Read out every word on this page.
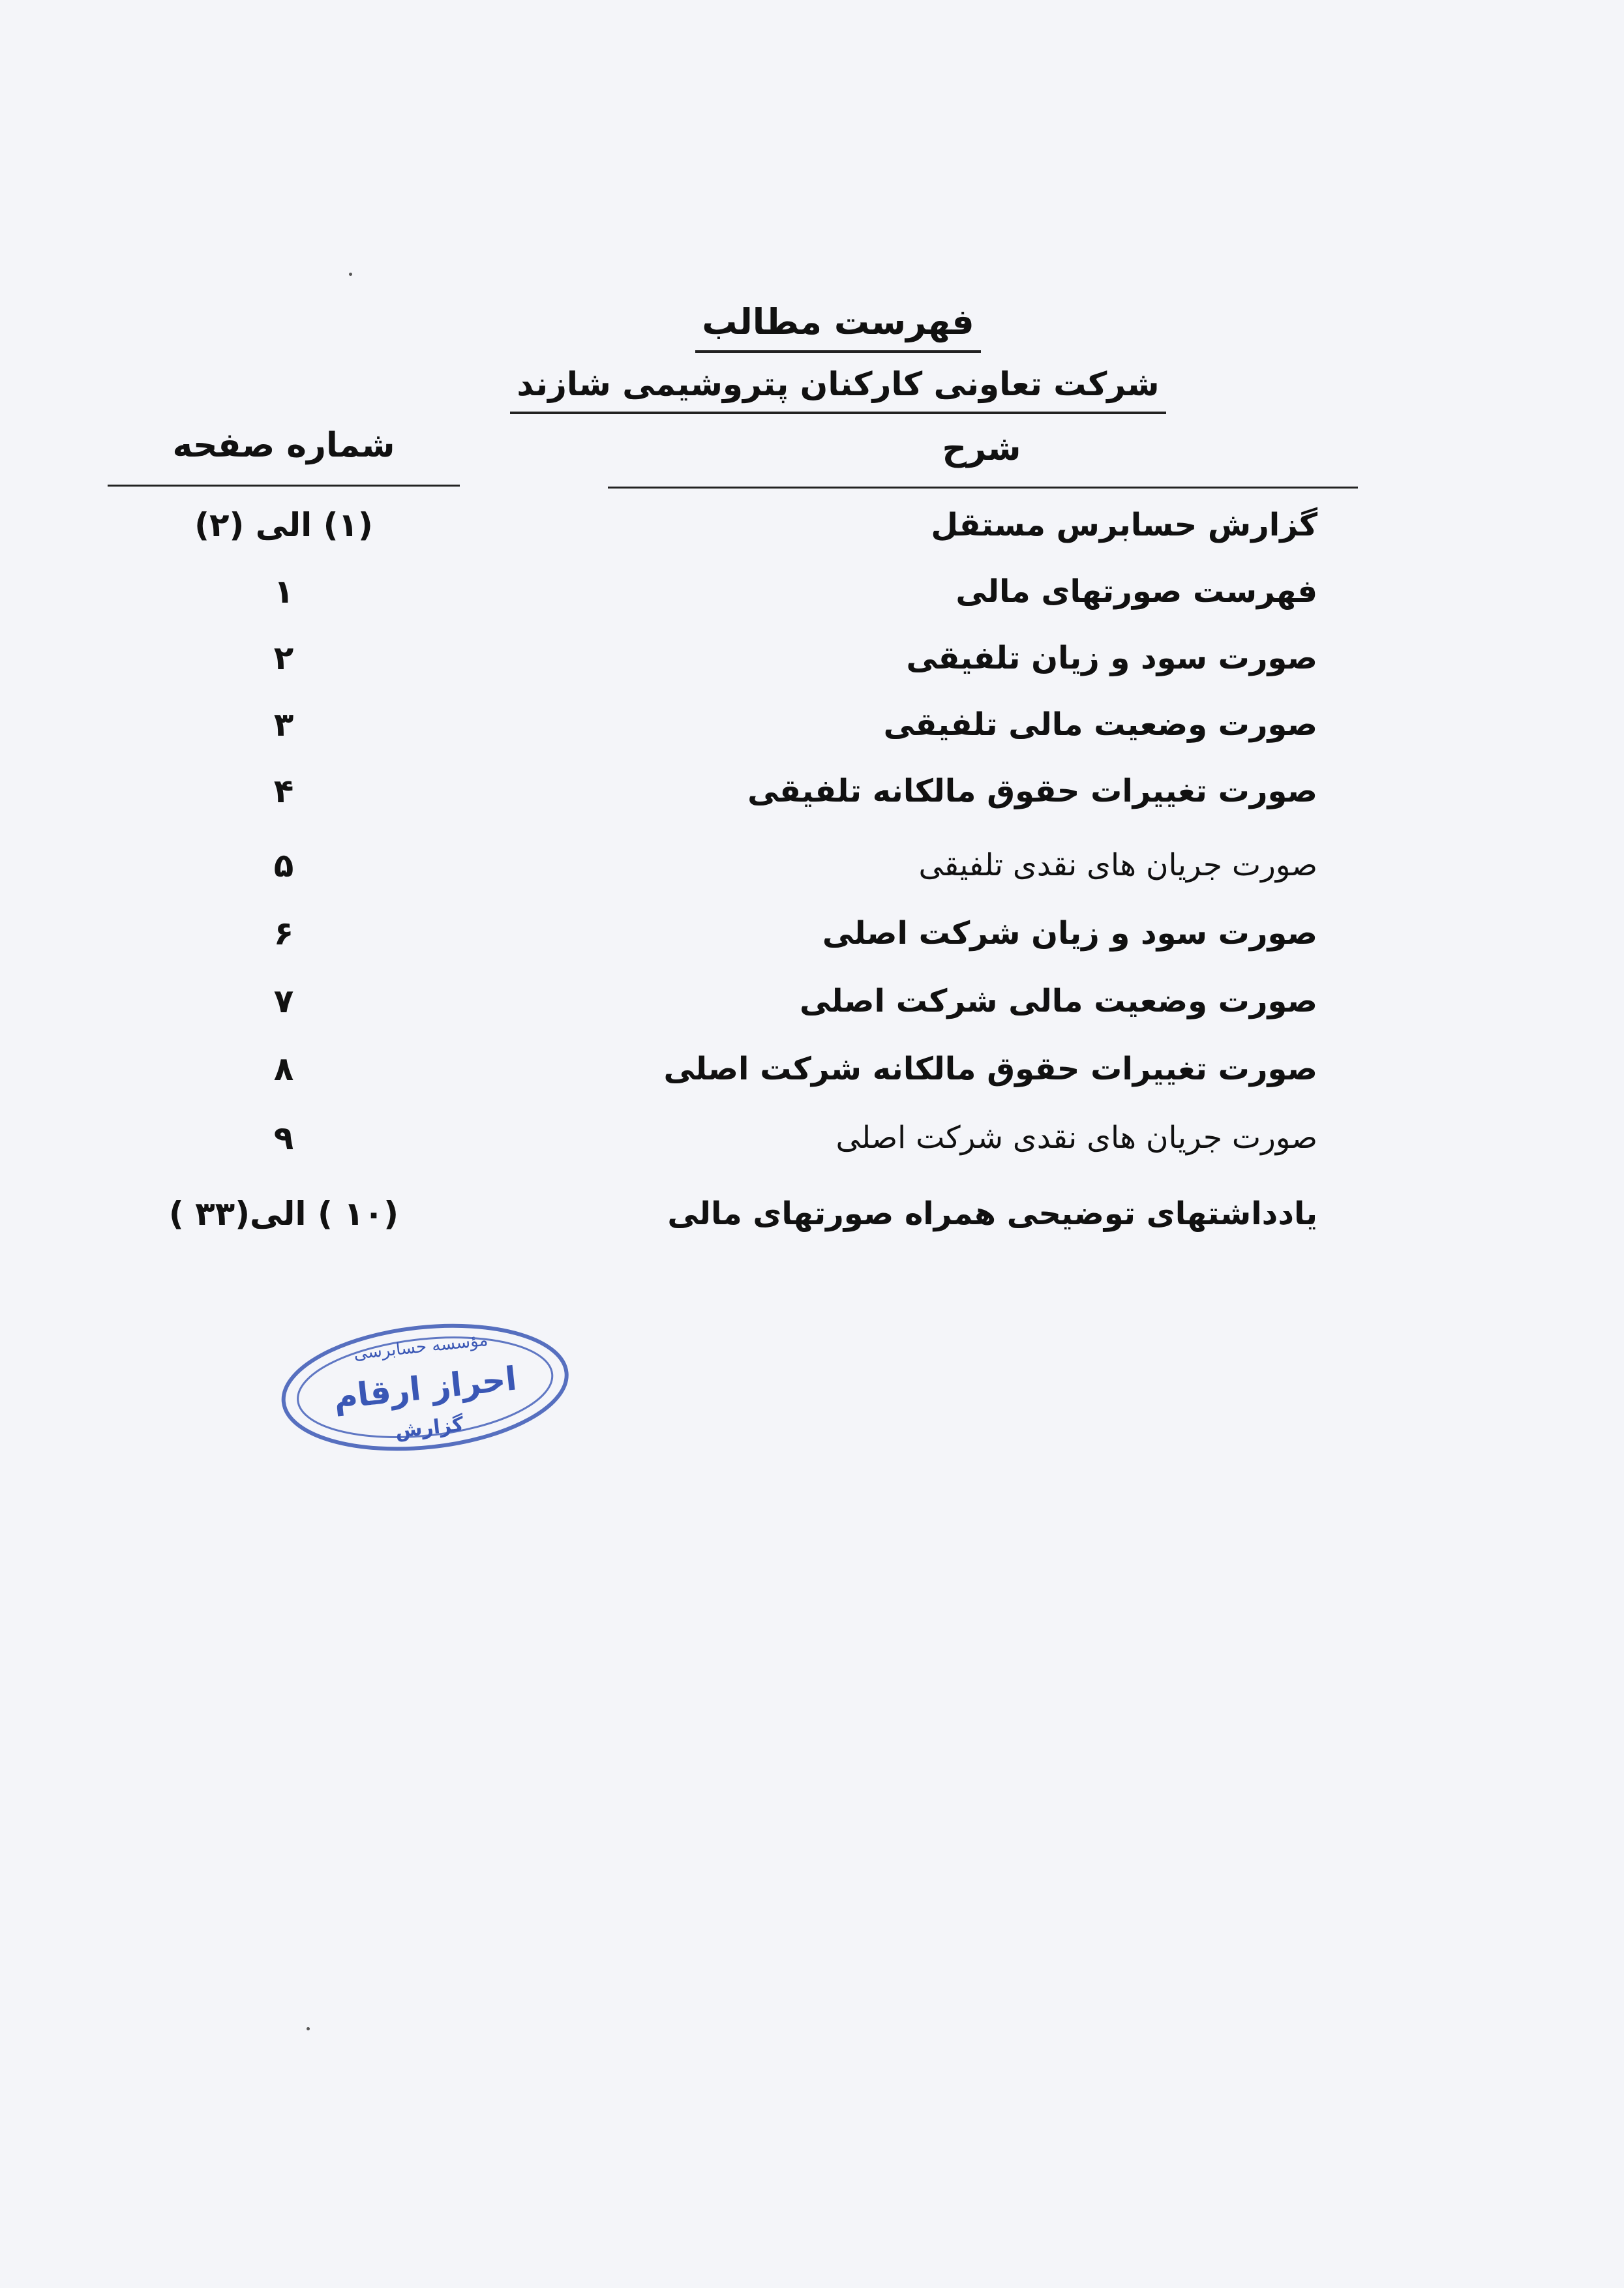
فهرست مطالب
شرکت تعاونی کارکنان پتروشیمی شازند
شرح
شماره صفحه
گزارش حسابرس مستقل
(۱) الی (۲)
فهرست صورتهای مالی
۱
صورت سود و زیان تلفیقی
۲
صورت وضعیت مالی تلفیقی
۳
صورت تغییرات حقوق مالکانه تلفیقی
۴
صورت جریان های نقدی تلفیقی
۵
صورت سود و زیان شرکت اصلی
۶
صورت وضعیت مالی شرکت اصلی
۷
صورت تغییرات حقوق مالکانه شرکت اصلی
۸
صورت جریان های نقدی شرکت اصلی
۹
یادداشتهای توضیحی همراه صورتهای مالی
(۱۰ ) الی(۳۳ )
مؤسسه حسابرسی
احراز ارقام
گزارش
